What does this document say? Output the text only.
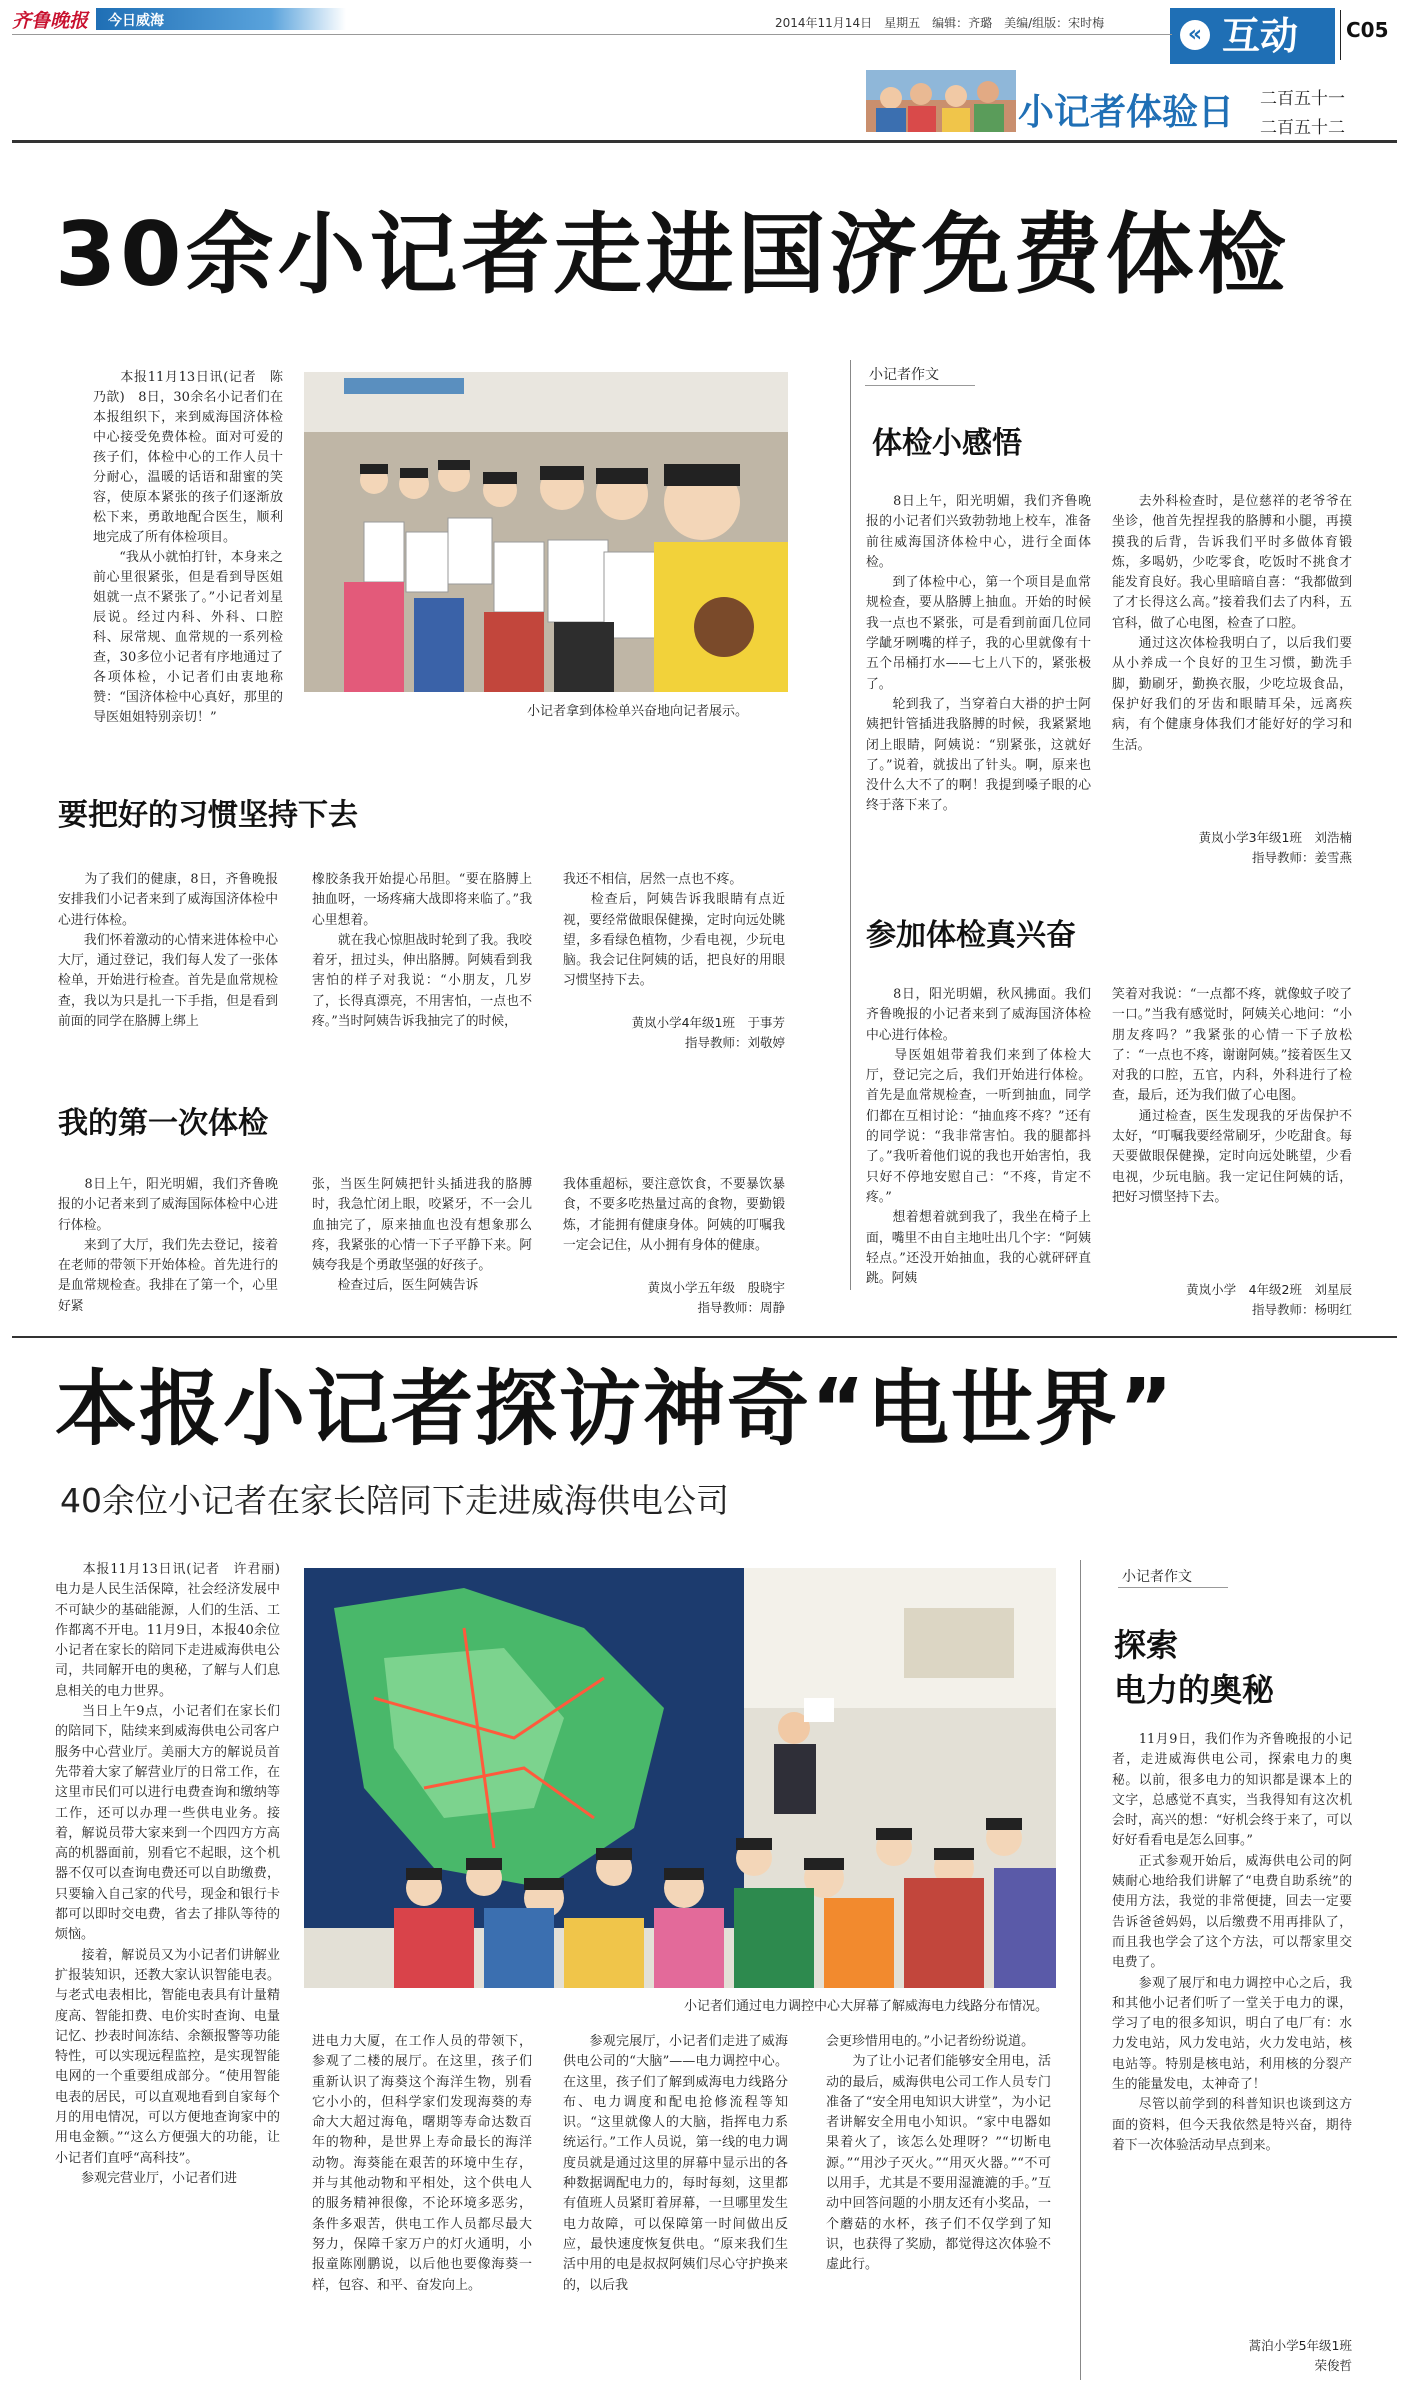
齐鲁晚报	今日威海	2014年11月14日　星期五　编辑：齐璐　美编/组版：宋时梅	« 互动 C05
小记者体验日 二百五十一
二百五十二
30余小记者走进国济免费体检
　　本报11月13日讯(记者　陈乃歆)　8日，30余名小记者们在本报组织下，来到威海国济体检中心接受免费体检。面对可爱的孩子们，体检中心的工作人员十分耐心，温暖的话语和甜蜜的笑容，使原本紧张的孩子们逐渐放松下来，勇敢地配合医生，顺利地完成了所有体检项目。
　　“我从小就怕打针，本身来之前心里很紧张，但是看到导医姐姐就一点不紧张了。”小记者刘星辰说。经过内科、外科、口腔科、尿常规、血常规的一系列检查，30多位小记者有序地通过了各项体检，小记者们由衷地称赞：“国济体检中心真好，那里的导医姐姐特别亲切！”	小记者拿到体检单兴奋地向记者展示。
小记者作文
体检小感悟
　　8日上午，阳光明媚，我们齐鲁晚报的小记者们兴致勃勃地上校车，准备前往威海国济体检中心，进行全面体检。
　　到了体检中心，第一个项目是血常规检查，要从胳膊上抽血。开始的时候我一点也不紧张，可是看到前面几位同学龇牙咧嘴的样子，我的心里就像有十五个吊桶打水——七上八下的，紧张极了。
　　轮到我了，当穿着白大褂的护士阿姨把针管插进我胳膊的时候，我紧紧地闭上眼睛，阿姨说：“别紧张，这就好了。”说着，就拔出了针头。啊，原来也没什么大不了的啊！我提到嗓子眼的心终于落下来了。
　　去外科检查时，是位慈祥的老爷爷在坐诊，他首先捏捏我的胳膊和小腿，再摸摸我的后背，告诉我们平时多做体育锻炼，多喝奶，少吃零食，吃饭时不挑食才能发育良好。我心里暗暗自喜：“我都做到了才长得这么高。”接着我们去了内科，五官科，做了心电图，检查了口腔。
　　通过这次体检我明白了，以后我们要从小养成一个良好的卫生习惯，勤洗手脚，勤刷牙，勤换衣服，少吃垃圾食品，保护好我们的牙齿和眼睛耳朵，远离疾病，有个健康身体我们才能好好的学习和生活。
黄岚小学3年级1班　刘浩楠
指导教师：姜雪燕
要把好的习惯坚持下去
　　为了我们的健康，8日，齐鲁晚报安排我们小记者来到了威海国济体检中心进行体检。
　　我们怀着激动的心情来进体检中心大厅，通过登记，我们每人发了一张体检单，开始进行检查。首先是血常规检查，我以为只是扎一下手指，但是看到前面的同学在胳膊上绑上
橡胶条我开始提心吊胆。“要在胳膊上抽血呀，一场疼痛大战即将来临了。”我心里想着。
　　就在我心惊胆战时轮到了我。我咬着牙，扭过头，伸出胳膊。阿姨看到我害怕的样子对我说：“小朋友，几岁了，长得真漂亮，不用害怕，一点也不疼。”当时阿姨告诉我抽完了的时候，
我还不相信，居然一点也不疼。
　　检查后，阿姨告诉我眼睛有点近视，要经常做眼保健操，定时向远处眺望，多看绿色植物，少看电视，少玩电脑。我会记住阿姨的话，把良好的用眼习惯坚持下去。
黄岚小学4年级1班　于事芳
指导教师：刘敬婷
我的第一次体检
　　8日上午，阳光明媚，我们齐鲁晚报的小记者来到了威海国际体检中心进行体检。
　　来到了大厅，我们先去登记，接着在老师的带领下开始体检。首先进行的是血常规检查。我排在了第一个，心里好紧
张，当医生阿姨把针头插进我的胳膊时，我急忙闭上眼，咬紧牙，不一会儿血抽完了，原来抽血也没有想象那么疼，我紧张的心情一下子平静下来。阿姨夸我是个勇敢坚强的好孩子。
　　检查过后，医生阿姨告诉
我体重超标，要注意饮食，不要暴饮暴食，不要多吃热量过高的食物，要勤锻炼，才能拥有健康身体。阿姨的叮嘱我一定会记住，从小拥有身体的健康。
黄岚小学五年级　殷晓宇
指导教师：周静
参加体检真兴奋
　　8日，阳光明媚，秋风拂面。我们齐鲁晚报的小记者来到了威海国济体检中心进行体检。
　　导医姐姐带着我们来到了体检大厅，登记完之后，我们开始进行体检。首先是血常规检查，一听到抽血，同学们都在互相讨论：“抽血疼不疼？”还有的同学说：“我非常害怕。我的腿都抖了。”我听着他们说的我也开始害怕，我只好不停地安慰自己：“不疼，肯定不疼。”
　　想着想着就到我了，我坐在椅子上面，嘴里不由自主地吐出几个字：“阿姨轻点。”还没开始抽血，我的心就砰砰直跳。阿姨
笑着对我说：“一点都不疼，就像蚊子咬了一口。”当我有感觉时，阿姨关心地问：“小朋友疼吗？”我紧张的心情一下子放松了：“一点也不疼，谢谢阿姨。”接着医生又对我的口腔，五官，内科，外科进行了检查，最后，还为我们做了心电图。
　　通过检查，医生发现我的牙齿保护不太好，“叮嘱我要经常刷牙，少吃甜食。每天要做眼保健操，定时向远处眺望，少看电视，少玩电脑。我一定记住阿姨的话，把好习惯坚持下去。
黄岚小学　4年级2班　刘星辰
指导教师：杨明红
本报小记者探访神奇“电世界”
40余位小记者在家长陪同下走进威海供电公司
　　本报11月13日讯(记者　许君丽)　电力是人民生活保障，社会经济发展中不可缺少的基础能源，人们的生活、工作都离不开电。11月9日，本报40余位小记者在家长的陪同下走进威海供电公司，共同解开电的奥秘，了解与人们息息相关的电力世界。
　　当日上午9点，小记者们在家长们的陪同下，陆续来到威海供电公司客户服务中心营业厅。美丽大方的解说员首先带着大家了解营业厅的日常工作，在这里市民们可以进行电费查询和缴纳等工作，还可以办理一些供电业务。接着，解说员带大家来到一个四四方方高高的机器面前，别看它不起眼，这个机器不仅可以查询电费还可以自助缴费，只要输入自己家的代号，现金和银行卡都可以即时交电费，省去了排队等待的烦恼。
　　接着，解说员又为小记者们讲解业扩报装知识，还教大家认识智能电表。与老式电表相比，智能电表具有计量精度高、智能扣费、电价实时查询、电量记忆、抄表时间冻结、余额报警等功能特性，可以实现远程监控，是实现智能电网的一个重要组成部分。“使用智能电表的居民，可以直观地看到自家每个月的用电情况，可以方便地查询家中的用电金额。”“这么方便强大的功能，让小记者们直呼“高科技”。
　　参观完营业厅，小记者们进
小记者们通过电力调控中心大屏幕了解威海电力线路分布情况。
进电力大厦，在工作人员的带领下，参观了二楼的展厅。在这里，孩子们重新认识了海葵这个海洋生物，别看它小小的，但科学家们发现海葵的寿命大大超过海龟，曙期等寿命达数百年的物种，是世界上寿命最长的海洋动物。海葵能在艰苦的环境中生存，并与其他动物和平相处，这个供电人的服务精神很像，不论环境多恶劣，条件多艰苦，供电工作人员都尽最大努力，保障千家万户的灯火通明，小报童陈刚鹏说，以后他也要像海葵一样，包容、和平、奋发向上。
　　参观完展厅，小记者们走进了威海供电公司的“大脑”——电力调控中心。在这里，孩子们了解到威海电力线路分布、电力调度和配电抢修流程等知识。“这里就像人的大脑，指挥电力系统运行。”工作人员说，第一线的电力调度员就是通过这里的屏幕中显示出的各种数据调配电力的，每时每刻，这里都有值班人员紧盯着屏幕，一旦哪里发生电力故障，可以保障第一时间做出反应，最快速度恢复供电。“原来我们生活中用的电是叔叔阿姨们尽心守护换来的，以后我
会更珍惜用电的。”小记者纷纷说道。
　　为了让小记者们能够安全用电，活动的最后，威海供电公司工作人员专门准备了“安全用电知识大讲堂”，为小记者讲解安全用电小知识。“家中电器如果着火了，该怎么处理呀？”“切断电源。”“用沙子灭火。”“用灭火器。”“不可以用手，尤其是不要用湿漉漉的手。”互动中回答问题的小朋友还有小奖品，一个蘑菇的水杯，孩子们不仅学到了知识，也获得了奖励，都觉得这次体验不虚此行。
小记者作文
探索
电力的奥秘
　　11月9日，我们作为齐鲁晚报的小记者，走进威海供电公司，探索电力的奥秘。以前，很多电力的知识都是课本上的文字，总感觉不真实，当我得知有这次机会时，高兴的想：“好机会终于来了，可以好好看看电是怎么回事。”
　　正式参观开始后，威海供电公司的阿姨耐心地给我们讲解了“电费自助系统”的使用方法，我觉的非常便捷，回去一定要告诉爸爸妈妈，以后缴费不用再排队了，而且我也学会了这个方法，可以帮家里交电费了。
　　参观了展厅和电力调控中心之后，我和其他小记者们听了一堂关于电力的课，学习了电的很多知识，明白了电厂有：水力发电站，风力发电站，火力发电站，核电站等。特别是核电站，利用核的分裂产生的能量发电，太神奇了！
　　尽管以前学到的科普知识也谈到这方面的资料，但今天我依然是特兴奋，期待着下一次体验活动早点到来。
蒿泊小学5年级1班
荣俊哲
